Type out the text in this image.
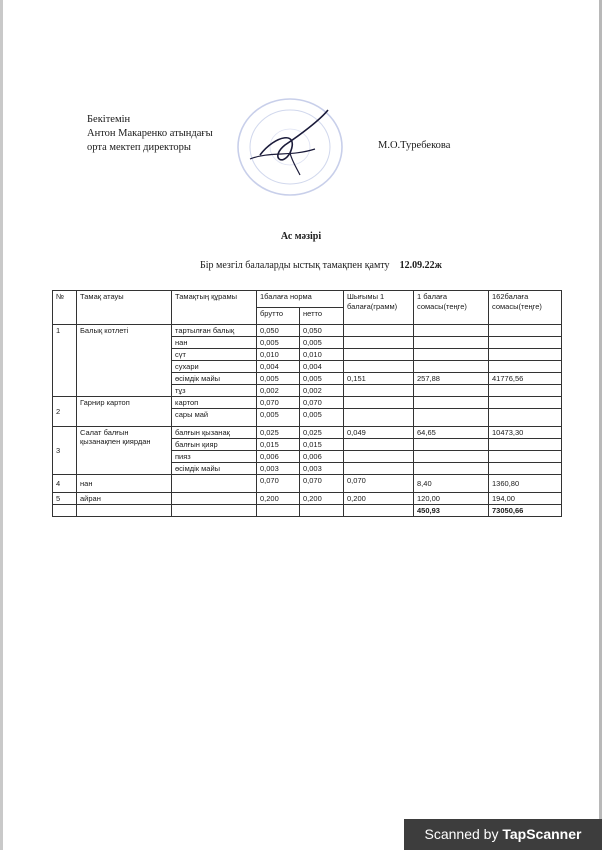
Бекітемін
Антон Макаренко атындағы
орта мектеп директоры	М.О.Туребекова
Ас мәзірі
Бір мезгіл балаларды ыстық тамақпен қамту 12.09.22ж
№	Тамақ атауы	Тамақтың құрамы	1балаға норма		Шығымы 1 балаға(грамм)	1 балаға сомасы(теңге)	162балаға сомасы(теңге)
			брутто	нетто			
1	Балық котлеті	тартылған балық	0,050	0,050			
		нан	0,005	0,005			
		сүт	0,010	0,010			
		сухари	0,004	0,004			
		өсімдік майы	0,005	0,005	0,151	257,88	41776,56
		тұз	0,002	0,002			
2	Гарнир картоп	картоп	0,070	0,070			
		сары май	0,005	0,005			
3	Салат балғын қызанақпен қиярдан	балғын қызанақ	0,025	0,025	0,049	64,65	10473,30
		балғын қияр	0,015	0,015			
		пияз	0,006	0,006			
		өсімдік майы	0,003	0,003			
4	нан		0,070	0,070	0,070	8,40	1360,80
5	айран		0,200	0,200	0,200	120,00	194,00
						450,93	73050,66
Scanned by TapScanner
